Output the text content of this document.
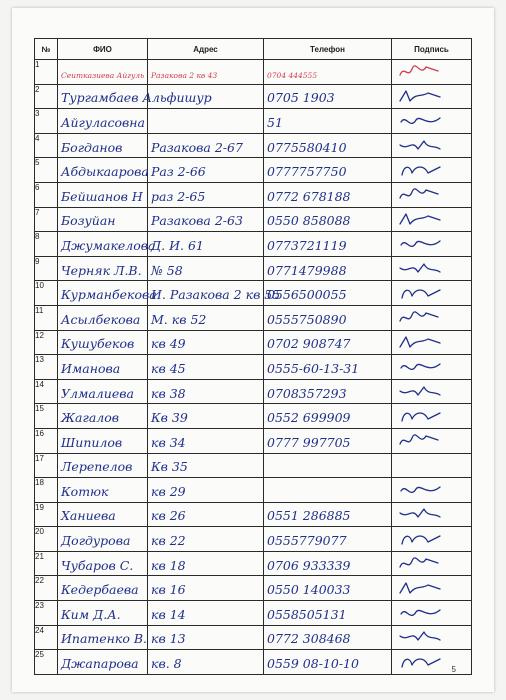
№	ФИО	Адрес	Телефон	Подпись
1	Сеитказиева Айгуль	Разакова 2 кв 43	0704 444555	

2	Тургамбаев Альфишур		0705 1903	

3	Айгуласовна		51	

4	Богданов	Разакова 2-67	0775580410	

5	Абдыкаарова	Раз 2-66	0777757750	

6	Бейшанов Н	раз 2-65	0772 678188	

7	Бозуйан	Разакова 2-63	0550 858088	

8	Джумакелова	Д. И. 61	0773721119	

9	Черняк Л.В.	№ 58	0771479988	

10	Курманбекова	И. Разакова 2 кв 55	0556500055	

11	Асылбекова	М. кв 52	0555750890	

12	Кушубеков	кв 49	0702 908747	

13	Иманова	кв 45	0555-60-13-31	

14	Улмалиева	кв 38	0708357293	

15	Жагалов	Кв 39	0552 699909	

16	Шипилов	кв 34	0777 997705	

17	Лерепелов	Кв 35		
18	Котюк	кв 29		

19	Ханиева	кв 26	0551 286885	

20	Догдурова	кв 22	0555779077	

21	Чубаров С.	кв 18	0706 933339	

22	Кедербаева	кв 16	0550 140033	

23	Ким Д.А.	кв 14	0558505131	

24	Ипатенко В.	кв 13	0772 308468	

25	Джапарова	кв. 8	0559 08-10-10		5
